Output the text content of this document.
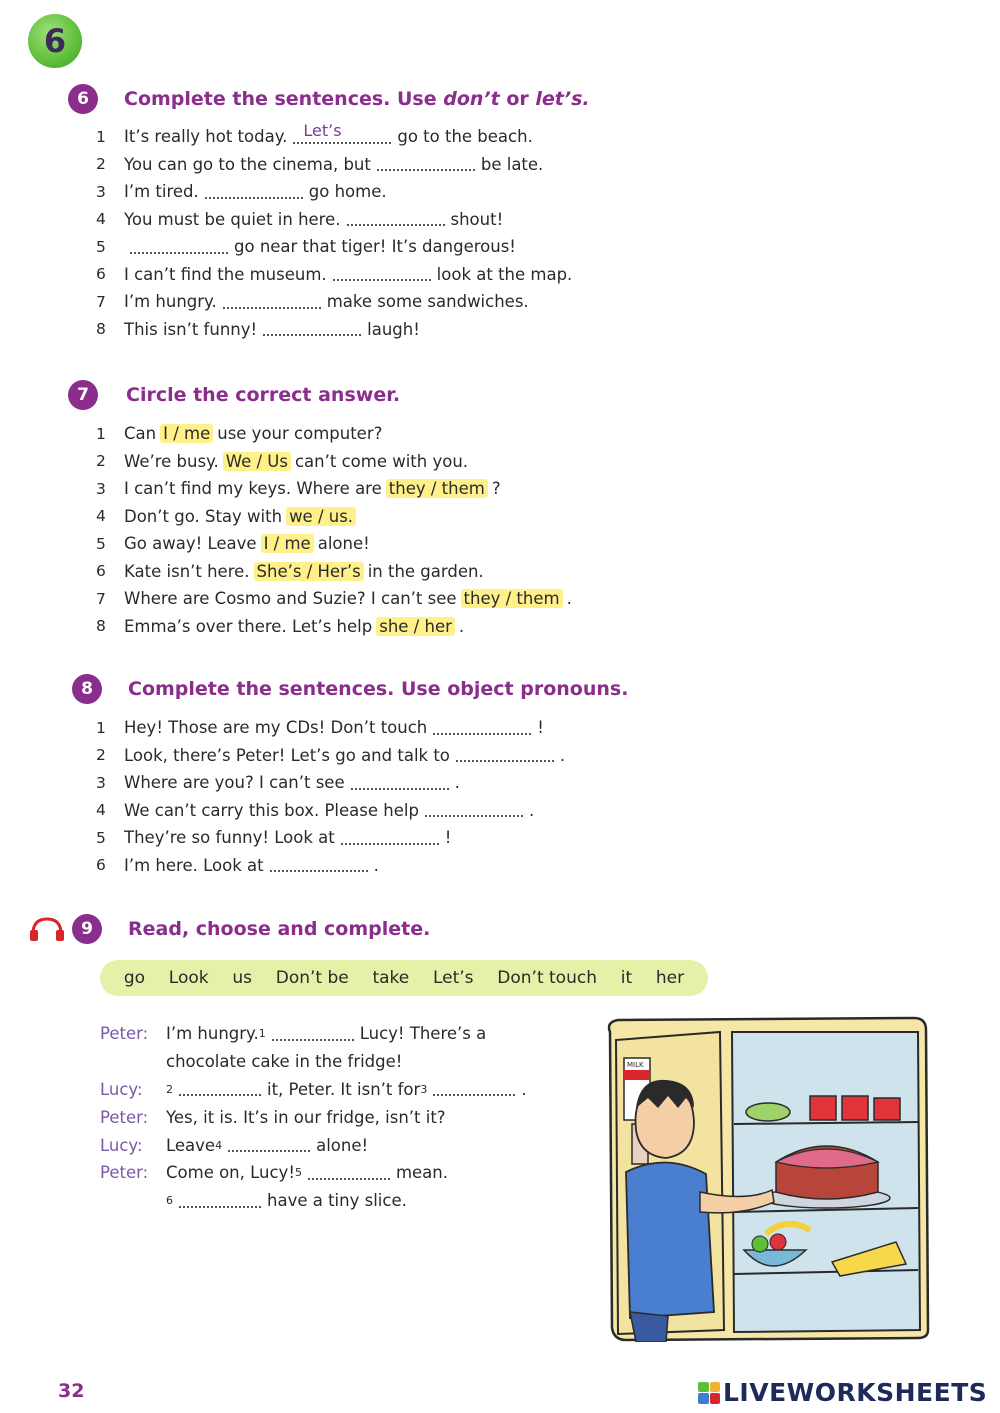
6
6	Complete the sentences. Use don’t or let’s.
1	It’s really hot today. Let’s	go to the beach.
2	You can go to the cinema, but	be late.
3	I’m tired.	go home.
4	You must be quiet in here.	shout!
5	go near that tiger! It’s dangerous!
6	I can’t find the museum.	look at the map.
7	I’m hungry.	make some sandwiches.
8	This isn’t funny!	laugh!
7	Circle the correct answer.
1	Can I / me use your computer?
2	We’re busy. We / Us can’t come with you.
3	I can’t find my keys. Where are they / them ?
4	Don’t go. Stay with we / us.
5	Go away! Leave I / me alone!
6	Kate isn’t here. She’s / Her’s in the garden.
7	Where are Cosmo and Suzie? I can’t see they / them .
8	Emma’s over there. Let’s help she / her .
8	Complete the sentences. Use object pronouns.
1	Hey! Those are my CDs! Don’t touch	!
2	Look, there’s Peter! Let’s go and talk to	.
3	Where are you? I can’t see	.
4	We can’t carry this box. Please help	.
5	They’re so funny! Look at	!
6	I’m here. Look at	.
9	Read, choose and complete.
go Look us Don’t be take Let’s Don’t touch it her
Peter:	I’m hungry. 1	Lucy! There’s a
chocolate cake in the fridge!
Lucy:	2	it, Peter. It isn’t for 3	.
Peter:	Yes, it is. It’s in our fridge, isn’t it?
Lucy:	Leave 4	alone!
Peter:	Come on, Lucy! 5	mean.
6	have a tiny slice.
MILK
32	LIVEWORKSHEETS
